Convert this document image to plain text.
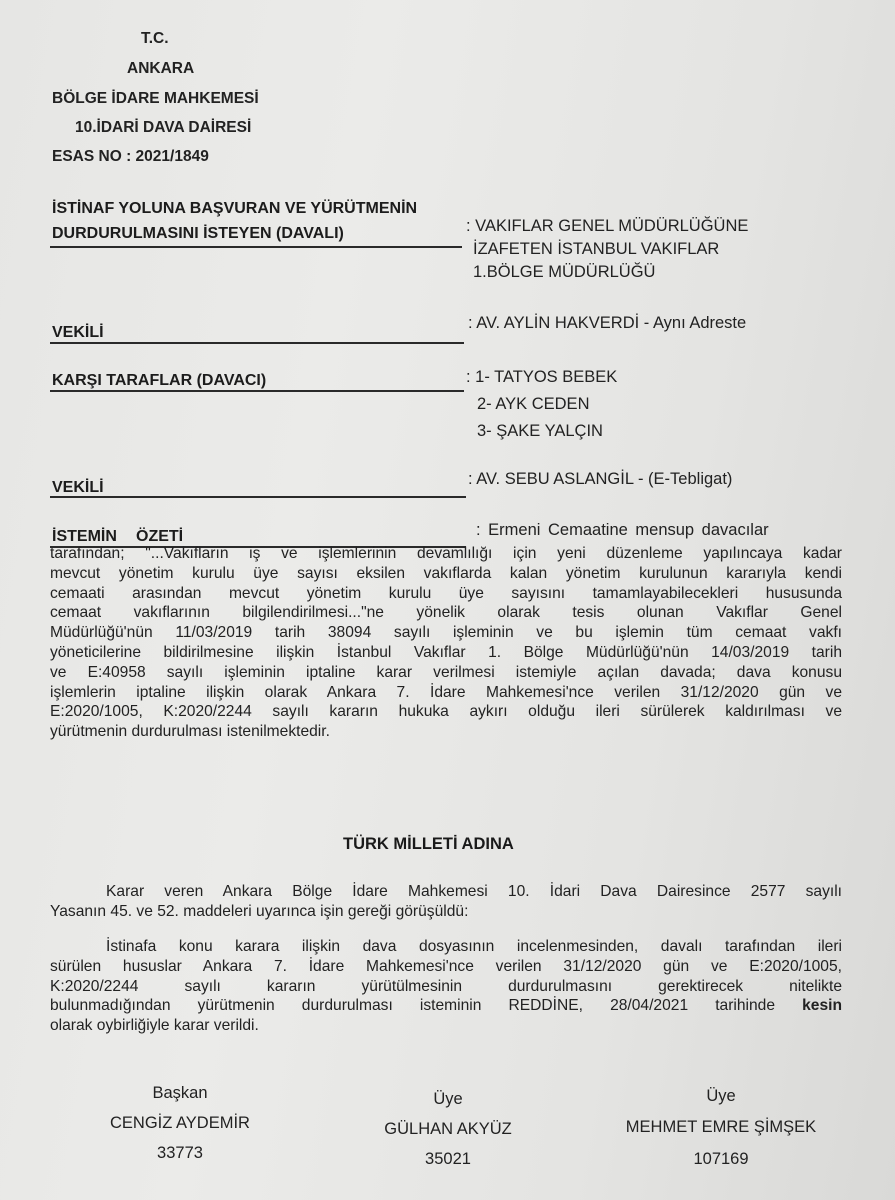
T.C.
ANKARA
BÖLGE İDARE MAHKEMESİ
10.İDARİ DAVA DAİRESİ
ESAS NO : 2021/1849
İSTİNAF YOLUNA BAŞVURAN VE YÜRÜTMENİN
DURDURULMASINI İSTEYEN (DAVALI)	: VAKIFLAR GENEL MÜDÜRLÜĞÜNE
İZAFETEN İSTANBUL VAKIFLAR
1.BÖLGE MÜDÜRLÜĞÜ
VEKİLİ
: AV. AYLİN HAKVERDİ - Aynı Adreste
KARŞI TARAFLAR (DAVACI)	: 1- TATYOS BEBEK
2- AYK CEDEN
3- ŞAKE YALÇIN
VEKİLİ	: AV. SEBU ASLANGİL - (E-Tebligat)
İSTEMİN ÖZETİ	: Ermeni Cemaatine mensup davacılar
tarafından; "...Vakıfların iş ve işlemlerinin devamlılığı için yeni düzenleme yapılıncaya kadar
mevcut yönetim kurulu üye sayısı eksilen vakıflarda kalan yönetim kurulunun kararıyla kendi
cemaati arasından mevcut yönetim kurulu üye sayısını tamamlayabilecekleri hususunda
cemaat vakıflarının bilgilendirilmesi..."ne yönelik olarak tesis olunan Vakıflar Genel
Müdürlüğü'nün 11/03/2019 tarih 38094 sayılı işleminin ve bu işlemin tüm cemaat vakfı
yöneticilerine bildirilmesine ilişkin İstanbul Vakıflar 1. Bölge Müdürlüğü'nün 14/03/2019 tarih
ve E:40958 sayılı işleminin iptaline karar verilmesi istemiyle açılan davada; dava konusu
işlemlerin iptaline ilişkin olarak Ankara 7. İdare Mahkemesi'nce verilen 31/12/2020 gün ve
E:2020/1005, K:2020/2244 sayılı kararın hukuka aykırı olduğu ileri sürülerek kaldırılması ve
yürütmenin durdurulması istenilmektedir.
TÜRK MİLLETİ ADINA
Karar veren Ankara Bölge İdare Mahkemesi 10. İdari Dava Dairesince 2577 sayılı
Yasanın 45. ve 52. maddeleri uyarınca işin gereği görüşüldü:
İstinafa konu karara ilişkin dava dosyasının incelenmesinden, davalı tarafından ileri
sürülen hususlar Ankara 7. İdare Mahkemesi'nce verilen 31/12/2020 gün ve E:2020/1005,
K:2020/2244 sayılı kararın yürütülmesinin durdurulmasını gerektirecek nitelikte
bulunmadığından yürütmenin durdurulması isteminin REDDİNE, 28/04/2021 tarihinde kesin
olarak oybirliğiyle karar verildi.
Başkan
CENGİZ AYDEMİR
33773
Üye
GÜLHAN AKYÜZ
35021
Üye
MEHMET EMRE ŞİMŞEK
107169
